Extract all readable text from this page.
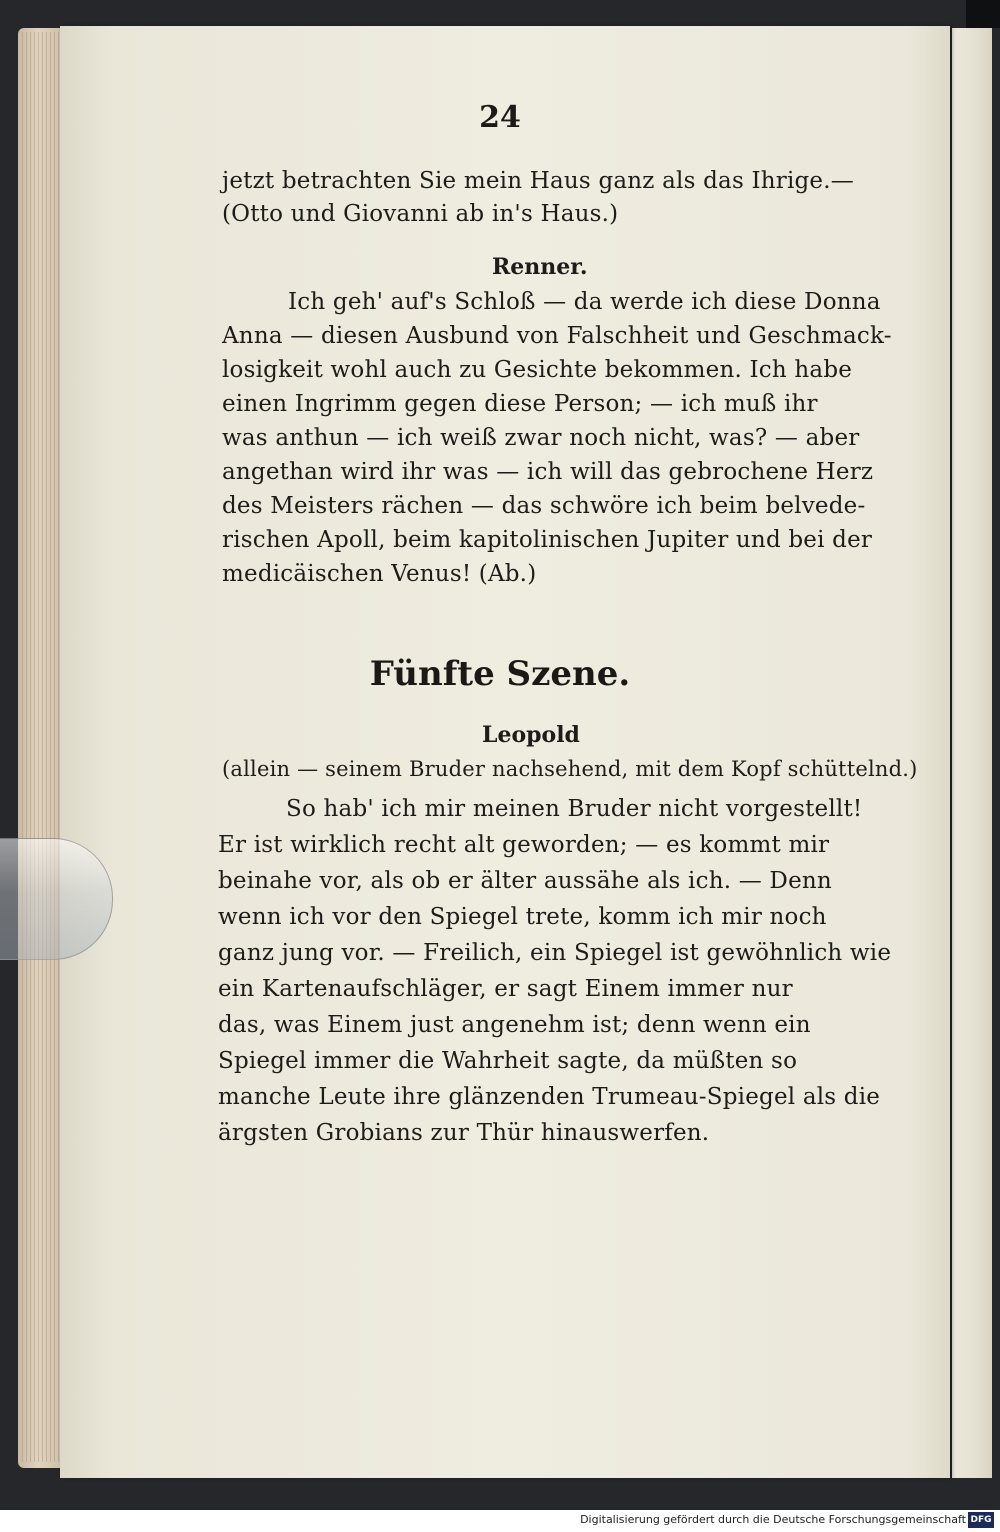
24
jetzt betrachten Sie mein Haus ganz als das Ihrige.—
(Otto und Giovanni ab in's Haus.)
Renner.
Ich geh' auf's Schloß — da werde ich diese Donna
Anna — diesen Ausbund von Falschheit und Geschmack-
losigkeit wohl auch zu Gesichte bekommen. Ich habe
einen Ingrimm gegen diese Person; — ich muß ihr
was anthun — ich weiß zwar noch nicht, was? — aber
angethan wird ihr was — ich will das gebrochene Herz
des Meisters rächen — das schwöre ich beim belvede-
rischen Apoll, beim kapitolinischen Jupiter und bei der
medicäischen Venus! (Ab.)
Fünfte Szene.
Leopold
(allein — seinem Bruder nachsehend, mit dem Kopf schüttelnd.)
So hab' ich mir meinen Bruder nicht vorgestellt!
Er ist wirklich recht alt geworden; — es kommt mir
beinahe vor, als ob er älter aussähe als ich. — Denn
wenn ich vor den Spiegel trete, komm ich mir noch
ganz jung vor. — Freilich, ein Spiegel ist gewöhnlich wie
ein Kartenaufschläger, er sagt Einem immer nur
das, was Einem just angenehm ist; denn wenn ein
Spiegel immer die Wahrheit sagte, da müßten so
manche Leute ihre glänzenden Trumeau-Spiegel als die
ärgsten Grobians zur Thür hinauswerfen.
Digitalisierung gefördert durch die Deutsche Forschungsgemeinschaft DFG
